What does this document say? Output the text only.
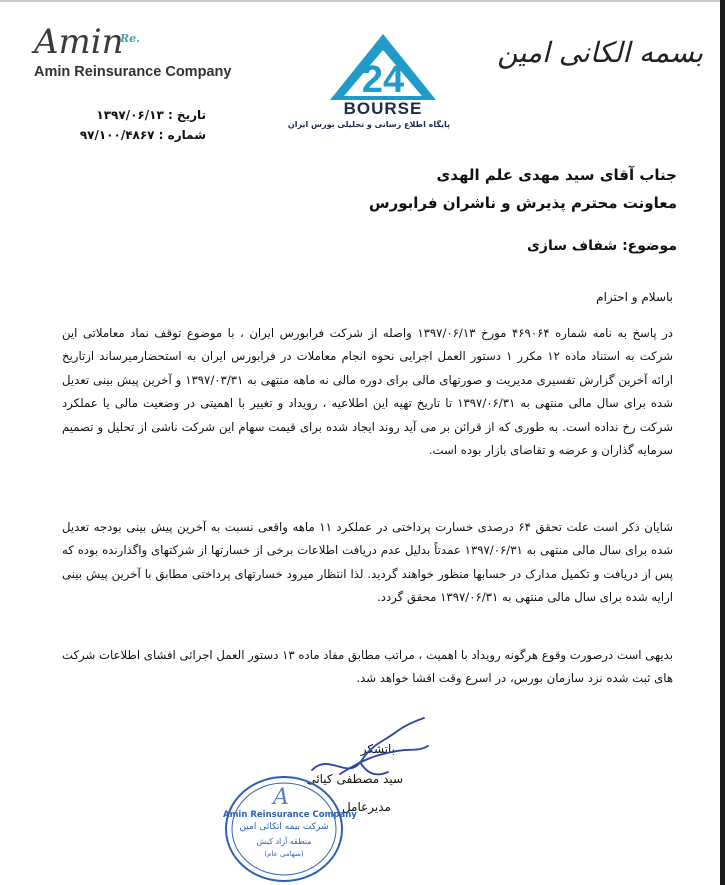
Amin
Re.
Amin Reinsurance Company	24
BOURSE
پایگاه اطلاع رسانی و تحلیلی بورس ایران
بسمه الکانی امین
تاریخ : ۱۳۹۷/۰۶/۱۳
شماره : ۹۷/۱۰۰/۴۸۶۷
جناب آقای سید مهدی علم الهدی
معاونت محترم پذیرش و ناشران فرابورس
موضوع: شفاف سازی
باسلام و احترام
در پاسخ به نامه شماره ۴۶۹۰۶۴ مورخ ۱۳۹۷/۰۶/۱۳ واصله از شرکت فرابورس ایران ، با موضوع توقف نماد معاملاتی این شرکت به استناد ماده ۱۲ مکرر ۱ دستور العمل اجرایی نحوه انجام معاملات در فرابورس ایران به استحضارمیرساند ازتاریخ ارائه آخرین گزارش تفسیری مدیریت و صورتهای مالی برای دوره مالی نه ماهه منتهی به ۱۳۹۷/۰۳/۳۱ و آخرین پیش بینی تعدیل شده برای سال مالی منتهی به ۱۳۹۷/۰۶/۳۱ تا تاریخ تهیه این اطلاعیه ، رویداد و تغییر با اهمیتی در وضعیت مالی یا عملکرد شرکت رخ نداده است. به طوری که از قرائن بر می آید روند ایجاد شده برای قیمت سهام این شرکت ناشی از تحلیل و تصمیم سرمایه گذاران و عرضه و تقاضای بازار بوده است.
شایان ذکر است علت تحقق ۶۴ درصدی خسارت پرداختی در عملکرد ۱۱ ماهه واقعی نسبت به آخرین پیش بینی بودجه تعدیل شده برای سال مالی منتهی به ۱۳۹۷/۰۶/۳۱ عمدتاً بدلیل عدم دریافت اطلاعات برخی از خسارتها از شرکتهای واگذارنده بوده که پس از دریافت و تکمیل مدارک در حسابها منظور خواهند گردید. لذا انتظار میرود خسارتهای پرداختی مطابق با آخرین پیش بینی ارایه شده برای سال مالی منتهی به ۱۳۹۷/۰۶/۳۱ محقق گردد.
بدیهی است درصورت وقوع هرگونه رویداد با اهمیت ، مراتب مطابق مفاد ماده ۱۳ دستور العمل اجرائی افشای اطلاعات شرکت های ثبت شده نزد سازمان بورس، در اسرع وقت افشا خواهد شد.
باتشکر
سید مصطفی کیائی
مدیرعامل
A
Amin Reinsurance Company
شرکت بیمه اتکائی امین
منطقه آزاد کیش
(سهامی عام)
